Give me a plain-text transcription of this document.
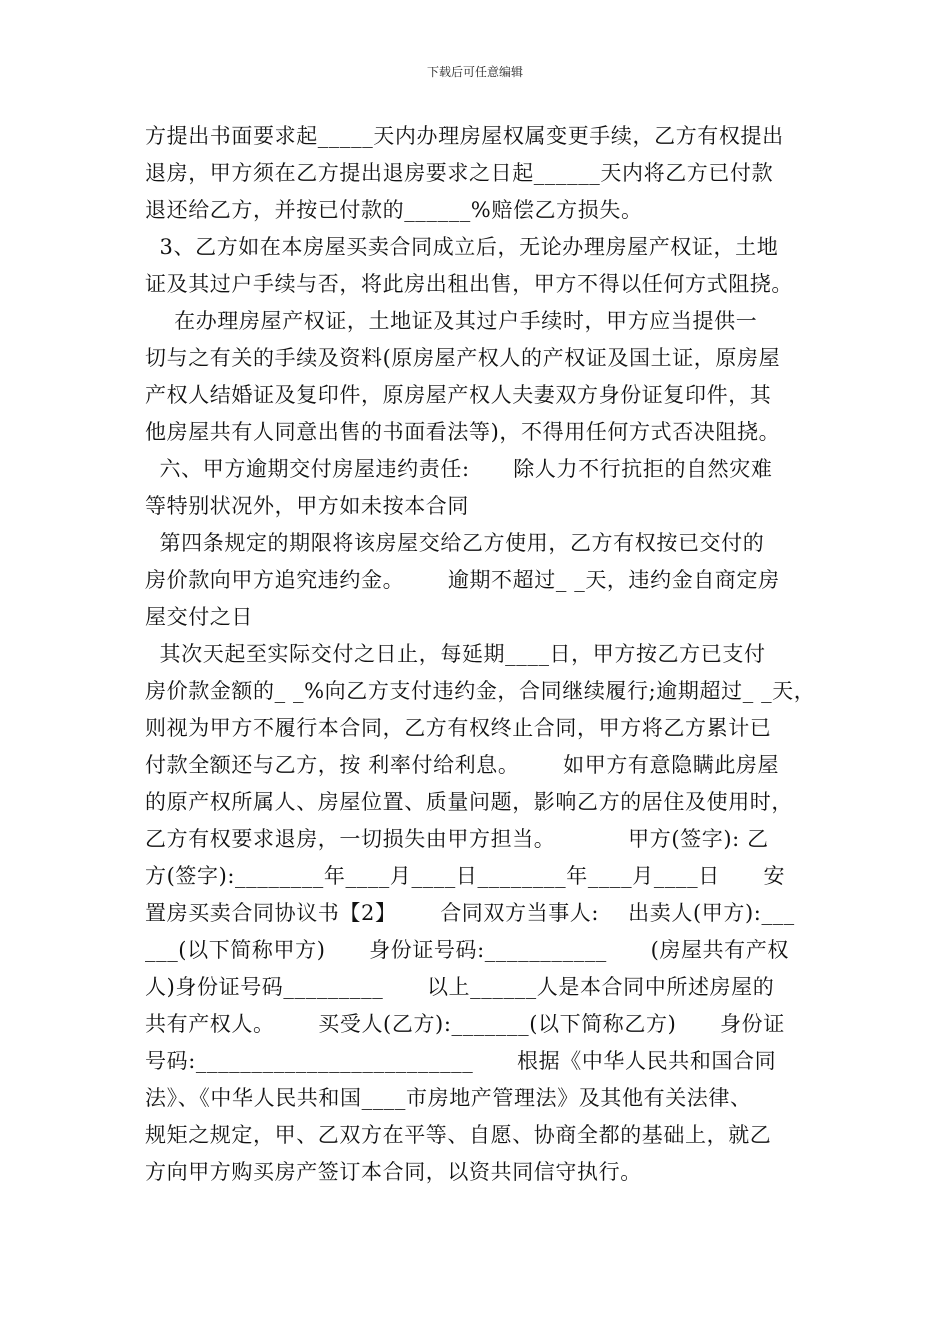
下载后可任意编辑
方提出书面要求起_____天内办理房屋权属变更手续，乙方有权提出
退房，甲方须在乙方提出退房要求之日起______天内将乙方已付款
退还给乙方，并按已付款的______%赔偿乙方损失。
3、乙方如在本房屋买卖合同成立后，无论办理房屋产权证，土地
证及其过户手续与否，将此房出租出售，甲方不得以任何方式阻挠。
在办理房屋产权证，土地证及其过户手续时，甲方应当提供一
切与之有关的手续及资料(原房屋产权人的产权证及国土证，原房屋
产权人结婚证及复印件，原房屋产权人夫妻双方身份证复印件，其
他房屋共有人同意出售的书面看法等)，不得用任何方式否决阻挠。
六、甲方逾期交付房屋违约责任:      除人力不行抗拒的自然灾难
等特别状况外，甲方如未按本合同
第四条规定的期限将该房屋交给乙方使用，乙方有权按已交付的
房价款向甲方追究违约金。      逾期不超过_ _天，违约金自商定房
屋交付之日
其次天起至实际交付之日止，每延期____日，甲方按乙方已支付
房价款金额的_ _%向乙方支付违约金，合同继续履行;逾期超过_ _天，
则视为甲方不履行本合同，乙方有权终止合同，甲方将乙方累计已
付款全额还与乙方，按 利率付给利息。      如甲方有意隐瞒此房屋
的原产权所属人、房屋位置、质量问题，影响乙方的居住及使用时，
乙方有权要求退房，一切损失由甲方担当。          甲方(签字): 乙
方(签字):________年____月____日________年____月____日      安
置房买卖合同协议书【2】      合同双方当事人:    出卖人(甲方):___
___(以下简称甲方)      身份证号码:___________      (房屋共有产权
人)身份证号码_________      以上______人是本合同中所述房屋的
共有产权人。      买受人(乙方):_______(以下简称乙方)      身份证
号码:_________________________      根据《中华人民共和国合同
法》、《中华人民共和国____市房地产管理法》及其他有关法律、
规矩之规定，甲、乙双方在平等、自愿、协商全都的基础上，就乙
方向甲方购买房产签订本合同，以资共同信守执行。
